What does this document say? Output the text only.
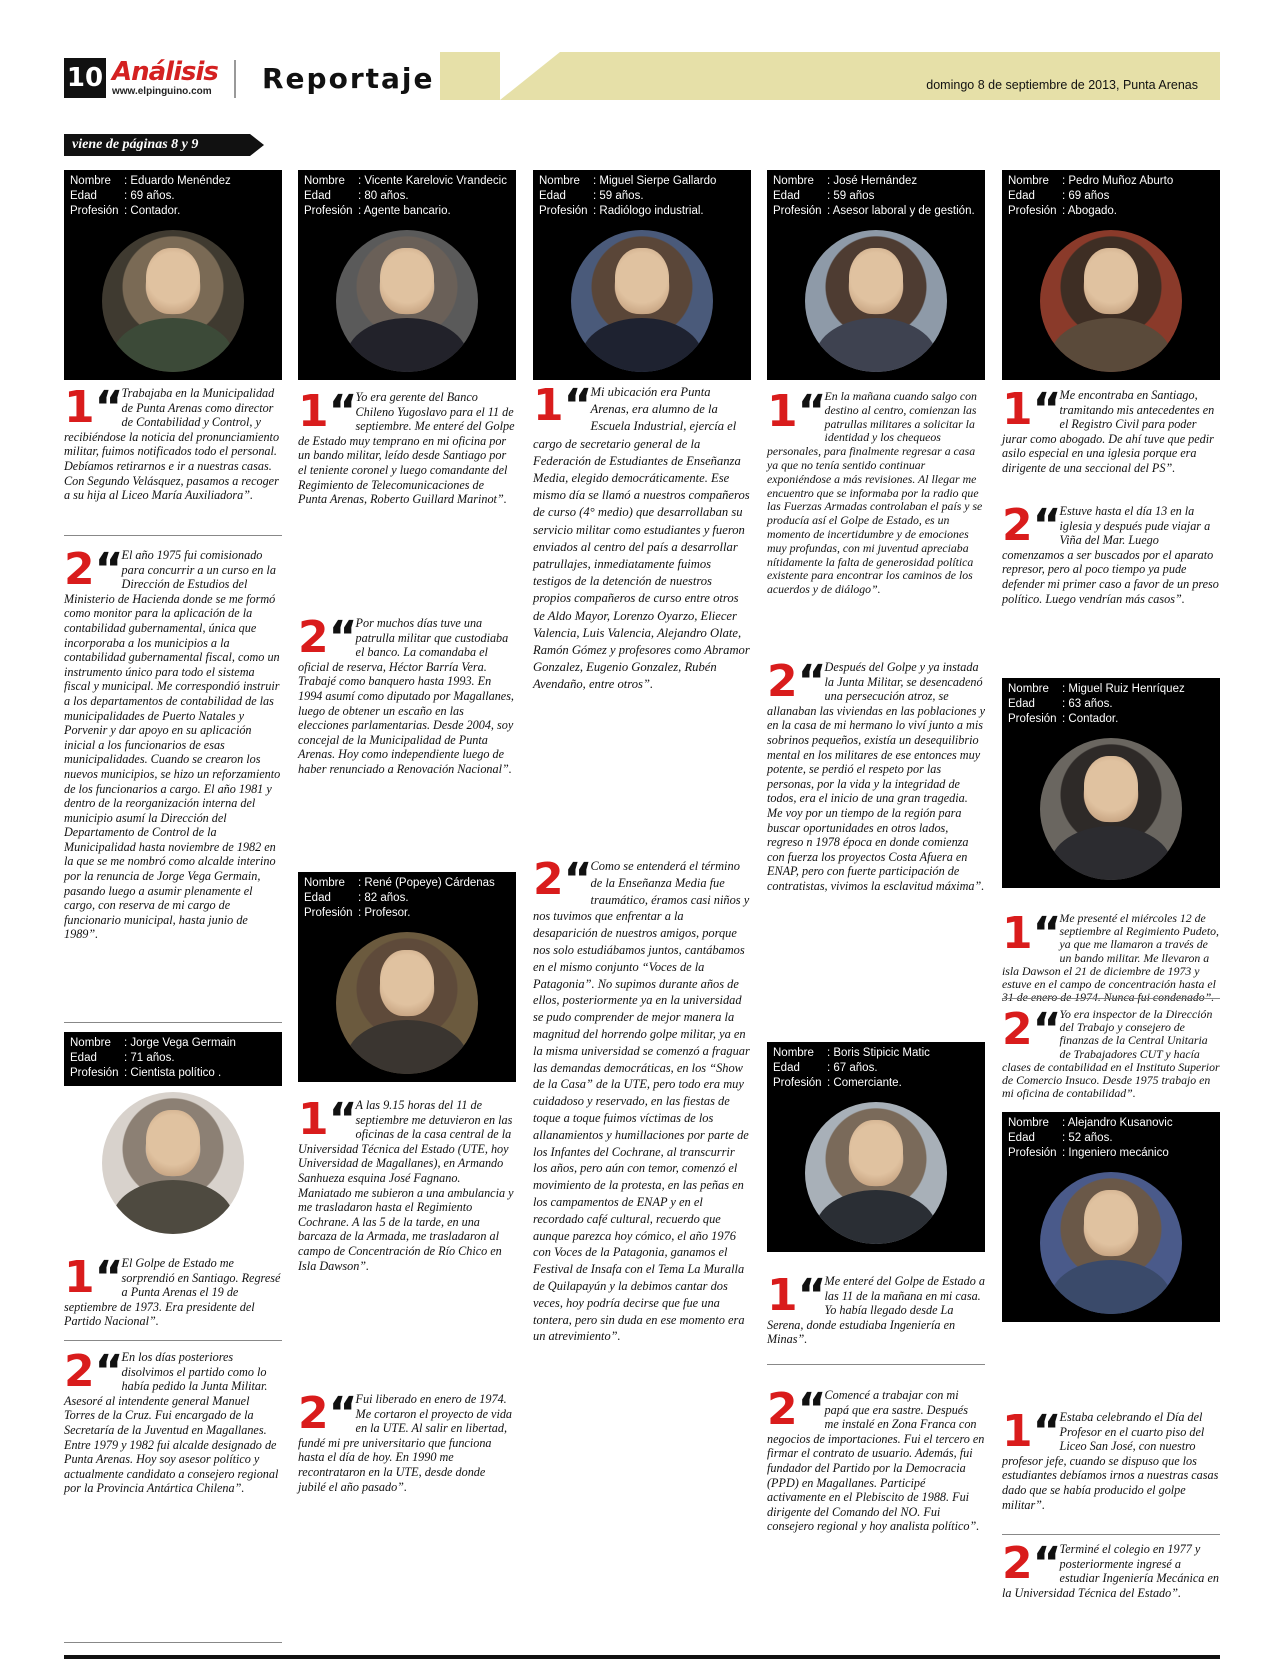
10 Análisis
www.elpinguino.com	Reportaje	domingo 8 de septiembre de 2013, Punta Arenas
viene de páginas 8 y 9
Nombre : Eduardo Menéndez
Edad : 69 años.
Profesión : Contador.
1“ Trabajaba en la Municipalidad de Punta Arenas como director de Contabilidad y Control, y recibiéndose la noticia del pronunciamiento militar, fuimos notificados todo el personal. Debíamos retirarnos e ir a nuestras casas. Con Segundo Velásquez, pasamos a recoger a su hija al Liceo María Auxiliadora”.

2“ El año 1975 fui comisionado para concurrir a un curso en la Dirección de Estudios del Ministerio de Hacienda donde se me formó como monitor para la aplicación de la contabilidad gubernamental, única que incorporaba a los municipios a la contabilidad gubernamental fiscal, como un instrumento único para todo el sistema fiscal y municipal. Me correspondió instruir a los departamentos de contabilidad de las municipalidades de Puerto Natales y Porvenir y dar apoyo en su aplicación inicial a los funcionarios de esas municipalidades. Cuando se crearon los nuevos municipios, se hizo un reforzamiento de los funcionarios a cargo. El año 1981 y dentro de la reorganización interna del municipio asumí la Dirección del Departamento de Control de la Municipalidad hasta noviembre de 1982 en la que se me nombró como alcalde interino por la renuncia de Jorge Vega Germain, pasando luego a asumir plenamente el cargo, con reserva de mi cargo de funcionario municipal, hasta junio de 1989”.

Nombre : Jorge Vega Germain
Edad : 71 años.
Profesión : Cientista político .
1“ El Golpe de Estado me sorprendió en Santiago. Regresé a Punta Arenas el 19 de septiembre de 1973. Era presidente del Partido Nacional”.

2“ En los días posteriores disolvimos el partido como lo había pedido la Junta Militar. Asesoré al intendente general Manuel Torres de la Cruz. Fui encargado de la Secretaría de la Juventud en Magallanes. Entre 1979 y 1982 fui alcalde designado de Punta Arenas. Hoy soy asesor político y actualmente candidato a consejero regional por la Provincia Antártica Chilena”.

Nombre : Vicente Karelovic Vrandecic
Edad : 80 años.
Profesión : Agente bancario.
1“ Yo era gerente del Banco Chileno Yugoslavo para el 11 de septiembre. Me enteré del Golpe de Estado muy temprano en mi oficina por un bando militar, leído desde Santiago por el teniente coronel y luego comandante del Regimiento de Telecomunicaciones de Punta Arenas, Roberto Guillard Marinot”.

2“ Por muchos días tuve una patrulla militar que custodiaba el banco. La comandaba el oficial de reserva, Héctor Barría Vera. Trabajé como banquero hasta 1993. En 1994 asumí como diputado por Magallanes, luego de obtener un escaño en las elecciones parlamentarias. Desde 2004, soy concejal de la Municipalidad de Punta Arenas. Hoy como independiente luego de haber renunciado a Renovación Nacional”.

Nombre : René (Popeye) Cárdenas
Edad : 82 años.
Profesión : Profesor.
1“ A las 9.15 horas del 11 de septiembre me detuvieron en las oficinas de la casa central de la Universidad Técnica del Estado (UTE, hoy Universidad de Magallanes), en Armando Sanhueza esquina José Fagnano. Maniatado me subieron a una ambulancia y me trasladaron hasta el Regimiento Cochrane. A las 5 de la tarde, en una barcaza de la Armada, me trasladaron al campo de Concentración de Río Chico en Isla Dawson”.

2“ Fui liberado en enero de 1974. Me cortaron el proyecto de vida en la UTE. Al salir en libertad, fundé mi pre universitario que funciona hasta el día de hoy. En 1990 me recontrataron en la UTE, desde donde jubilé el año pasado”.

Nombre : Miguel Sierpe Gallardo
Edad : 59 años.
Profesión : Radiólogo industrial.
1“ Mi ubicación era Punta Arenas, era alumno de la Escuela Industrial, ejercía el cargo de secretario general de la Federación de Estudiantes de Enseñanza Media, elegido democráticamente. Ese mismo día se llamó a nuestros compañeros de curso (4° medio) que desarrollaban su servicio militar como estudiantes y fueron enviados al centro del país a desarrollar patrullajes, inmediatamente fuimos testigos de la detención de nuestros propios compañeros de curso entre otros de Aldo Mayor, Lorenzo Oyarzo, Eliecer Valencia, Luis Valencia, Alejandro Olate, Ramón Gómez y profesores como Abramor Gonzalez, Eugenio Gonzalez, Rubén Avendaño, entre otros”.

2“ Como se entenderá el término de la Enseñanza Media fue traumático, éramos casi niños y nos tuvimos que enfrentar a la desaparición de nuestros amigos, porque nos solo estudiábamos juntos, cantábamos en el mismo conjunto “Voces de la Patagonia”. No supimos durante años de ellos, posteriormente ya en la universidad se pudo comprender de mejor manera la magnitud del horrendo golpe militar, ya en la misma universidad se comenzó a fraguar las demandas democráticas, en los “Show de la Casa” de la UTE, pero todo era muy cuidadoso y reservado, en las fiestas de toque a toque fuimos víctimas de los allanamientos y humillaciones por parte de los Infantes del Cochrane, al transcurrir los años, pero aún con temor, comenzó el movimiento de la protesta, en las peñas en los campamentos de ENAP y en el recordado café cultural, recuerdo que aunque parezca hoy cómico, el año 1976 con Voces de la Patagonia, ganamos el Festival de Insafa con el Tema La Muralla de Quilapayún y la debimos cantar dos veces, hoy podría decirse que fue una tontera, pero sin duda en ese momento era un atrevimiento”.

Nombre : José Hernández
Edad : 59 años
Profesión : Asesor laboral y de gestión.
1“ En la mañana cuando salgo con destino al centro, comienzan las patrullas militares a solicitar la identidad y los chequeos personales, para finalmente regresar a casa ya que no tenía sentido continuar exponiéndose a más revisiones. Al llegar me encuentro que se informaba por la radio que las Fuerzas Armadas controlaban el país y se producía así el Golpe de Estado, es un momento de incertidumbre y de emociones muy profundas, con mi juventud apreciaba nítidamente la falta de generosidad política existente para encontrar los caminos de los acuerdos y de diálogo”.

2“ Después del Golpe y ya instada la Junta Militar, se desencadenó una persecución atroz, se allanaban las viviendas en las poblaciones y en la casa de mi hermano lo viví junto a mis sobrinos pequeños, existía un desequilibrio mental en los militares de ese entonces muy potente, se perdió el respeto por las personas, por la vida y la integridad de todos, era el inicio de una gran tragedia. Me voy por un tiempo de la región para buscar oportunidades en otros lados, regreso n 1978 época en donde comienza con fuerza los proyectos Costa Afuera en ENAP, pero con fuerte participación de contratistas, vivimos la esclavitud máxima”.

Nombre : Boris Stipicic Matic
Edad : 67 años.
Profesión : Comerciante.
1“ Me enteré del Golpe de Estado a las 11 de la mañana en mi casa. Yo había llegado desde La Serena, donde estudiaba Ingeniería en Minas”.

2“ Comencé a trabajar con mi papá que era sastre. Después me instalé en Zona Franca con negocios de importaciones. Fui el tercero en firmar el contrato de usuario. Además, fui fundador del Partido por la Democracia (PPD) en Magallanes. Participé activamente en el Plebiscito de 1988. Fui dirigente del Comando del NO. Fui consejero regional y hoy analista político”.

Nombre : Pedro Muñoz Aburto
Edad : 69 años
Profesión : Abogado.
1“ Me encontraba en Santiago, tramitando mis antecedentes en el Registro Civil para poder jurar como abogado. De ahí tuve que pedir asilo especial en una iglesia porque era dirigente de una seccional del PS”.

2“ Estuve hasta el día 13 en la iglesia y después pude viajar a Viña del Mar. Luego comenzamos a ser buscados por el aparato represor, pero al poco tiempo ya pude defender mi primer caso a favor de un preso político. Luego vendrían más casos”.

Nombre : Miguel Ruiz Henríquez
Edad : 63 años.
Profesión : Contador.
1“ Me presenté el miércoles 12 de septiembre al Regimiento Pudeto, ya que me llamaron a través de un bando militar. Me llevaron a isla Dawson el 21 de diciembre de 1973 y estuve en el campo de concentración hasta el

2“ Yo era inspector de la Dirección del Trabajo y consejero de finanzas de la Central Unitaria de Trabajadores CUT y hacía clases de contabilidad en el Instituto Superior de Comercio Insuco. Desde 1975 trabajo en mi oficina de contabilidad”.

Nombre : Alejandro Kusanovic
Edad : 52 años.
Profesión : Ingeniero mecánico
1“ Estaba celebrando el Día del Profesor en el cuarto piso del Liceo San José, con nuestro profesor jefe, cuando se dispuso que los estudiantes debíamos irnos a nuestras casas dado que se había producido el golpe militar”.

2“ Terminé el colegio en 1977 y posteriormente ingresé a estudiar Ingeniería Mecánica en la Universidad Técnica del Estado”.
